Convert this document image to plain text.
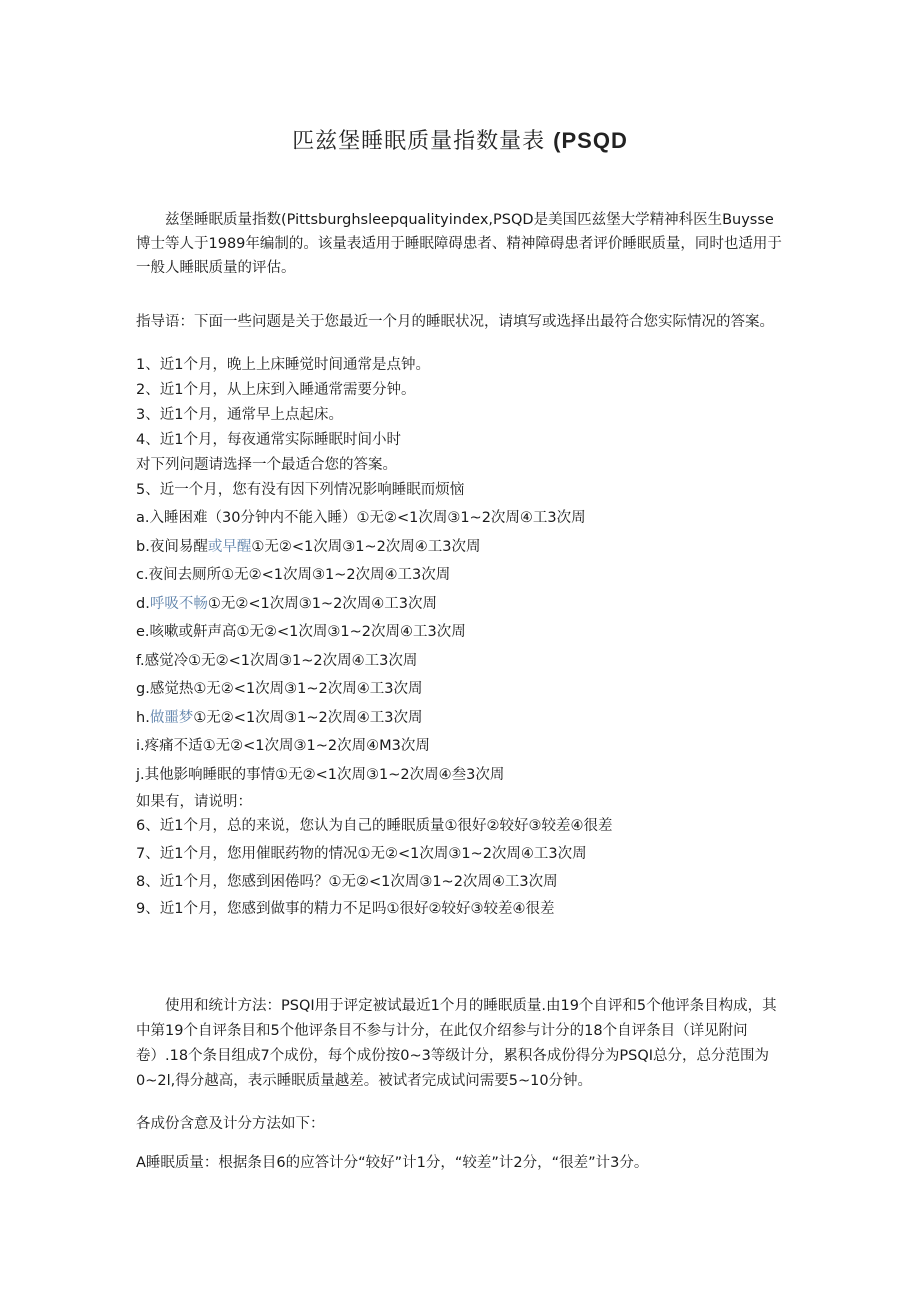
匹兹堡睡眠质量指数量表 (PSQD

兹堡睡眠质量指数(Pittsburghsleepqualityindex,PSQD是美国匹兹堡大学精神科医生Buysse博士等人于1989年编制的。该量表适用于睡眠障碍患者、精神障碍患者评价睡眠质量，同时也适用于一般人睡眠质量的评估。

指导语：下面一些问题是关于您最近一个月的睡眠状况，请填写或选择出最符合您实际情况的答案。

1、近1个月，晚上上床睡觉时间通常是点钟。
2、近1个月，从上床到入睡通常需要分钟。
3、近1个月，通常早上点起床。
4、近1个月，每夜通常实际睡眠时间小时
对下列问题请选择一个最适合您的答案。
5、近一个月，您有没有因下列情况影响睡眠而烦恼
a.入睡困难（30分钟内不能入睡）①无②<1次周③1~2次周④工3次周
b.夜间易醒或早醒①无②<1次周③1~2次周④工3次周
c.夜间去厕所①无②<1次周③1~2次周④工3次周
d.呼吸不畅①无②<1次周③1~2次周④工3次周
e.咳嗽或鼾声高①无②<1次周③1~2次周④工3次周
f.感觉冷①无②<1次周③1~2次周④工3次周
g.感觉热①无②<1次周③1~2次周④工3次周
h.做噩梦①无②<1次周③1~2次周④工3次周
i.疼痛不适①无②<1次周③1~2次周④M3次周
j.其他影响睡眠的事情①无②<1次周③1~2次周④叁3次周
如果有，请说明：
6、近1个月，总的来说，您认为自己的睡眠质量①很好②较好③较差④很差
7、近1个月，您用催眠药物的情况①无②<1次周③1~2次周④工3次周
8、近1个月，您感到困倦吗？①无②<1次周③1~2次周④工3次周
9、近1个月，您感到做事的精力不足吗①很好②较好③较差④很差

使用和统计方法：PSQI用于评定被试最近1个月的睡眠质量.由19个自评和5个他评条目构成，其中第19个自评条目和5个他评条目不参与计分，在此仅介绍参与计分的18个自评条目（详见附问卷）.18个条目组成7个成份，每个成份按0~3等级计分，累积各成份得分为PSQI总分，总分范围为0~2l,得分越高，表示睡眠质量越差。被试者完成试问需要5~10分钟。

各成份含意及计分方法如下：
A睡眠质量：根据条目6的应答计分“较好”计1分，“较差”计2分，“很差”计3分。
